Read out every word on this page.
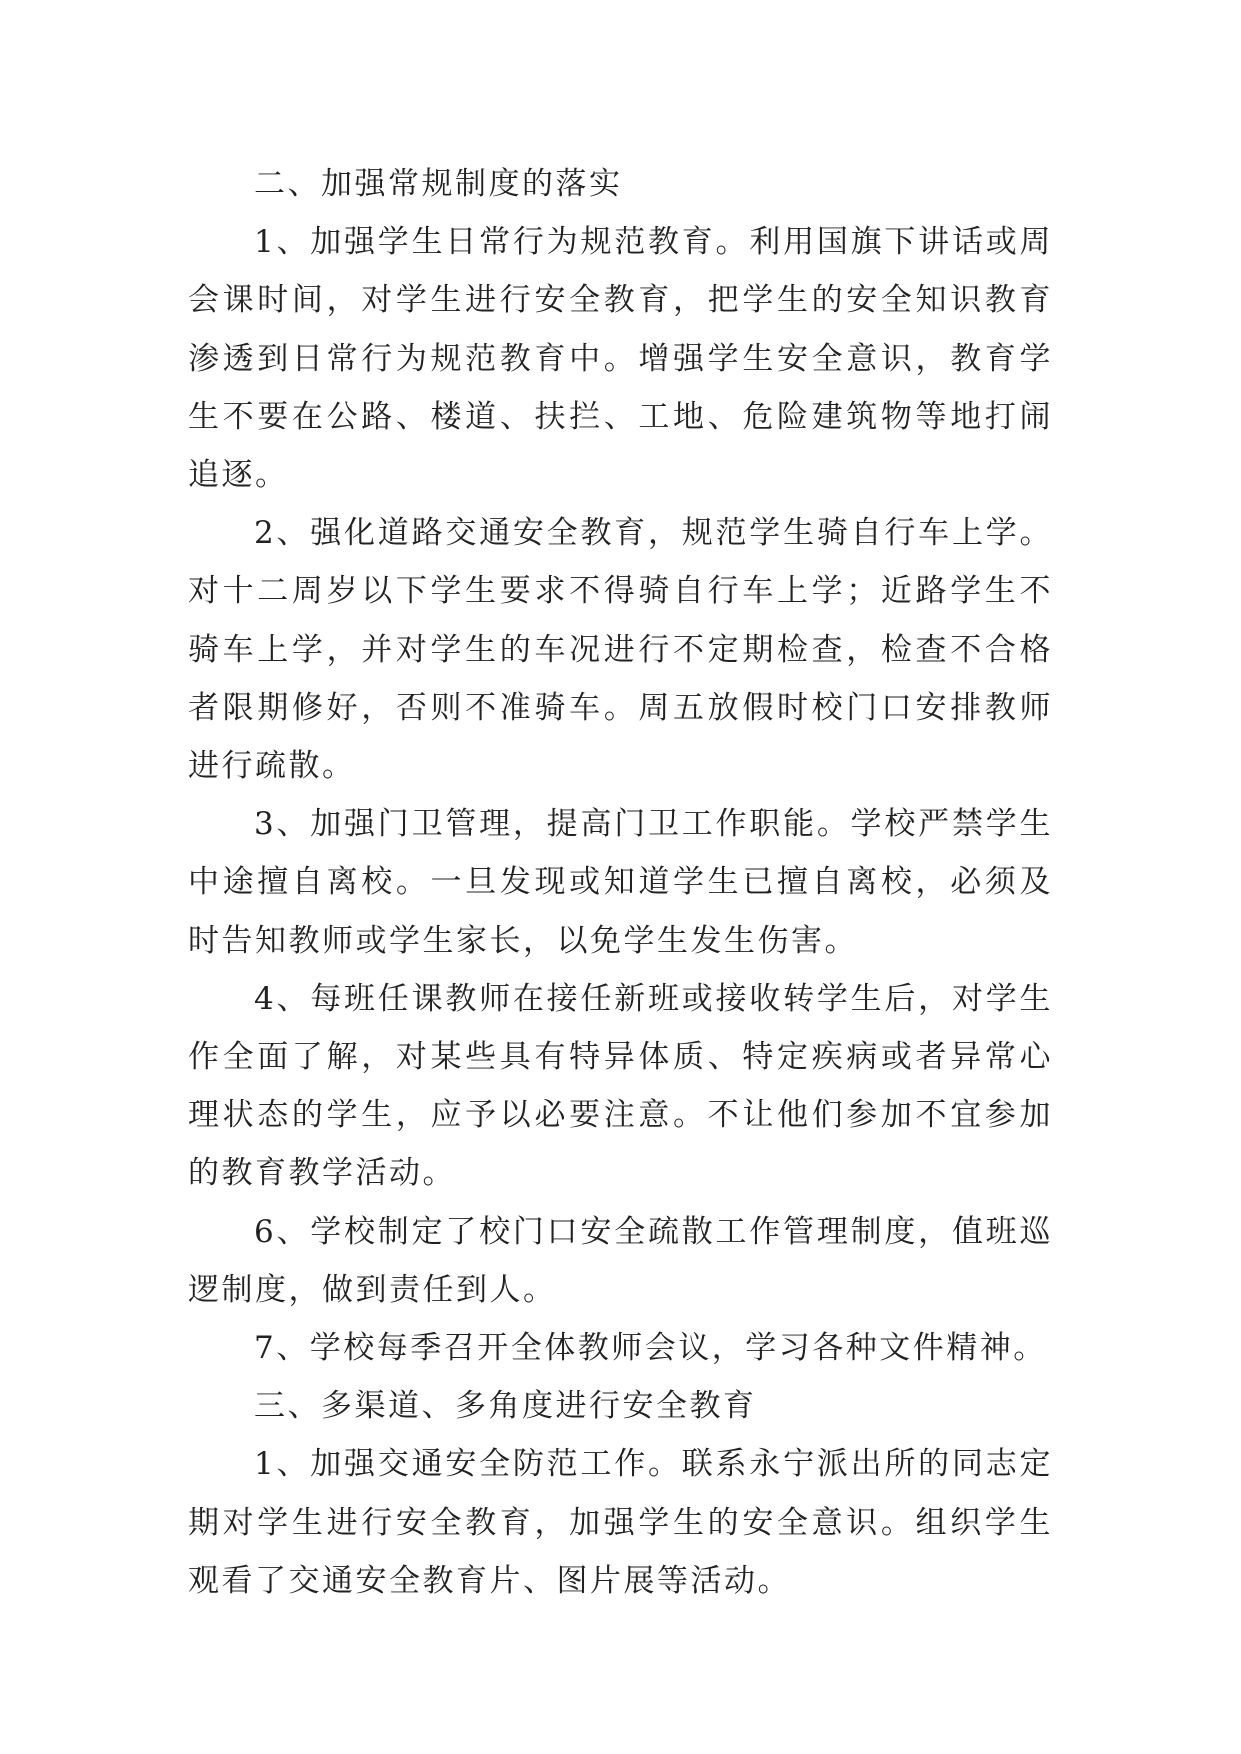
二、加强常规制度的落实

1、加强学生日常行为规范教育。利用国旗下讲话或周会课时间，对学生进行安全教育，把学生的安全知识教育渗透到日常行为规范教育中。增强学生安全意识，教育学生不要在公路、楼道、扶拦、工地、危险建筑物等地打闹追逐。

2、强化道路交通安全教育，规范学生骑自行车上学。对十二周岁以下学生要求不得骑自行车上学；近路学生不骑车上学，并对学生的车况进行不定期检查，检查不合格者限期修好，否则不准骑车。周五放假时校门口安排教师进行疏散。

3、加强门卫管理，提高门卫工作职能。学校严禁学生中途擅自离校。一旦发现或知道学生已擅自离校，必须及时告知教师或学生家长，以免学生发生伤害。

4、每班任课教师在接任新班或接收转学生后，对学生作全面了解，对某些具有特异体质、特定疾病或者异常心理状态的学生，应予以必要注意。不让他们参加不宜参加的教育教学活动。

6、学校制定了校门口安全疏散工作管理制度，值班巡逻制度，做到责任到人。

7、学校每季召开全体教师会议，学习各种文件精神。

三、多渠道、多角度进行安全教育

1、加强交通安全防范工作。联系永宁派出所的同志定期对学生进行安全教育，加强学生的安全意识。组织学生观看了交通安全教育片、图片展等活动。
